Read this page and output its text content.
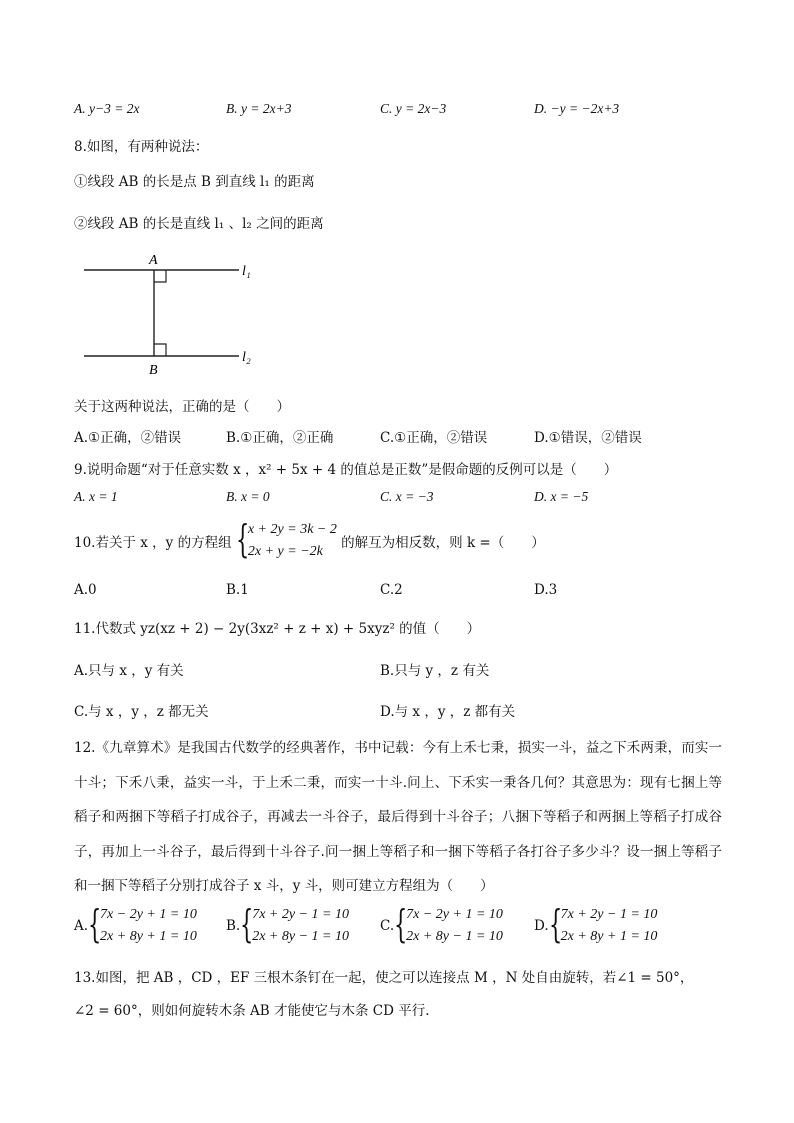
A. y−3 = 2x	B. y = 2x+3	C. y = 2x−3	D. −y = −2x+3

8.如图，有两种说法：

①线段 AB 的长是点 B 到直线 l₁ 的距离

②线段 AB 的长是直线 l₁ 、l₂ 之间的距离

A
B
l₁
l₂

关于这两种说法，正确的是（　　）

A.①正确，②错误	B.①正确，②正确	C.①正确，②错误	D.①错误，②错误

9.说明命题“对于任意实数 x ，x² + 5x + 4 的值总是正数”是假命题的反例可以是（　　）

A. x = 1	B. x = 0	C. x = −3	D. x = −5
10.若关于 x ，y 的方程组 {
x + 2y = 3k − 2
2x + y = −2k
的解互为相反数，则 k =（　　）
A.0	B.1	C.2	D.3

11.代数式 yz(xz + 2) − 2y(3xz² + z + x) + 5xyz² 的值（　　）

A.只与 x ，y 有关	B.只与 y ，z 有关
C.与 x ，y ，z 都无关	D.与 x ，y ，z 都有关

12.《九章算术》是我国古代数学的经典著作，书中记载：今有上禾七秉，损实一斗，益之下禾两秉，而实一十斗；下禾八秉，益实一斗，于上禾二秉，而实一十斗.问上、下禾实一秉各几何？其意思为：现有七捆上等稻子和两捆下等稻子打成谷子，再减去一斗谷子，最后得到十斗谷子；八捆下等稻子和两捆上等稻子打成谷子，再加上一斗谷子，最后得到十斗谷子.问一捆上等稻子和一捆下等稻子各打谷子多少斗？设一捆上等稻子和一捆下等稻子分别打成谷子 x 斗，y 斗，则可建立方程组为（　　）

A. {
7x − 2y + 1 = 10
2x + 8y + 1 = 10
B. {
7x + 2y − 1 = 10
2x + 8y − 1 = 10
C. {
7x − 2y + 1 = 10
2x + 8y − 1 = 10
D. {
7x + 2y − 1 = 10
2x + 8y + 1 = 10

13.如图，把 AB ，CD ，EF 三根木条钉在一起，使之可以连接点 M ，N 处自由旋转，若∠1 = 50°，

∠2 = 60°，则如何旋转木条 AB 才能使它与木条 CD 平行.
